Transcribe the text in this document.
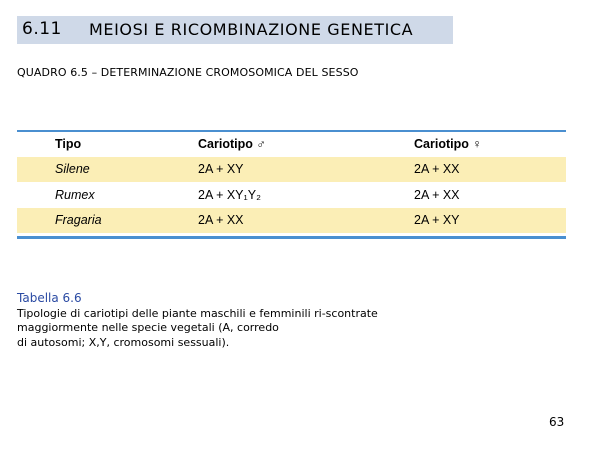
6.11 MEIOSI E RICOMBINAZIONE GENETICA
QUADRO 6.5 – DETERMINAZIONE CROMOSOMICA DEL SESSO
Tipo	Cariotipo ♂	Cariotipo ♀
Silene	2A + XY	2A + XX
Rumex	2A + XY₁Y₂	2A + XX
Fragaria	2A + XX	2A + XY
Tabella 6.6
Tipologie di cariotipi delle piante maschili e femminili ri-scontrate
maggiormente nelle specie vegetali (A, corredo
di autosomi; X,Y, cromosomi sessuali).
63
